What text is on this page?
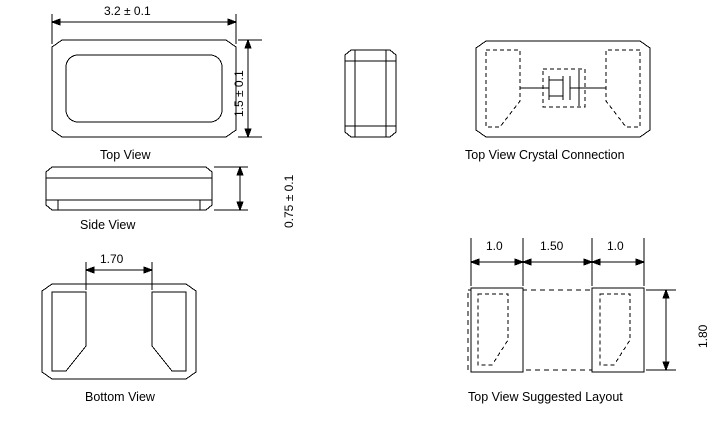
3.2 ± 0.1
1.5 ± 0.1
Top View
Side View	0.75 ± 0.1
1.70
Bottom View
Top View Crystal Connection
1.0	1.50	1.0
1.80
Top View Suggested Layout
